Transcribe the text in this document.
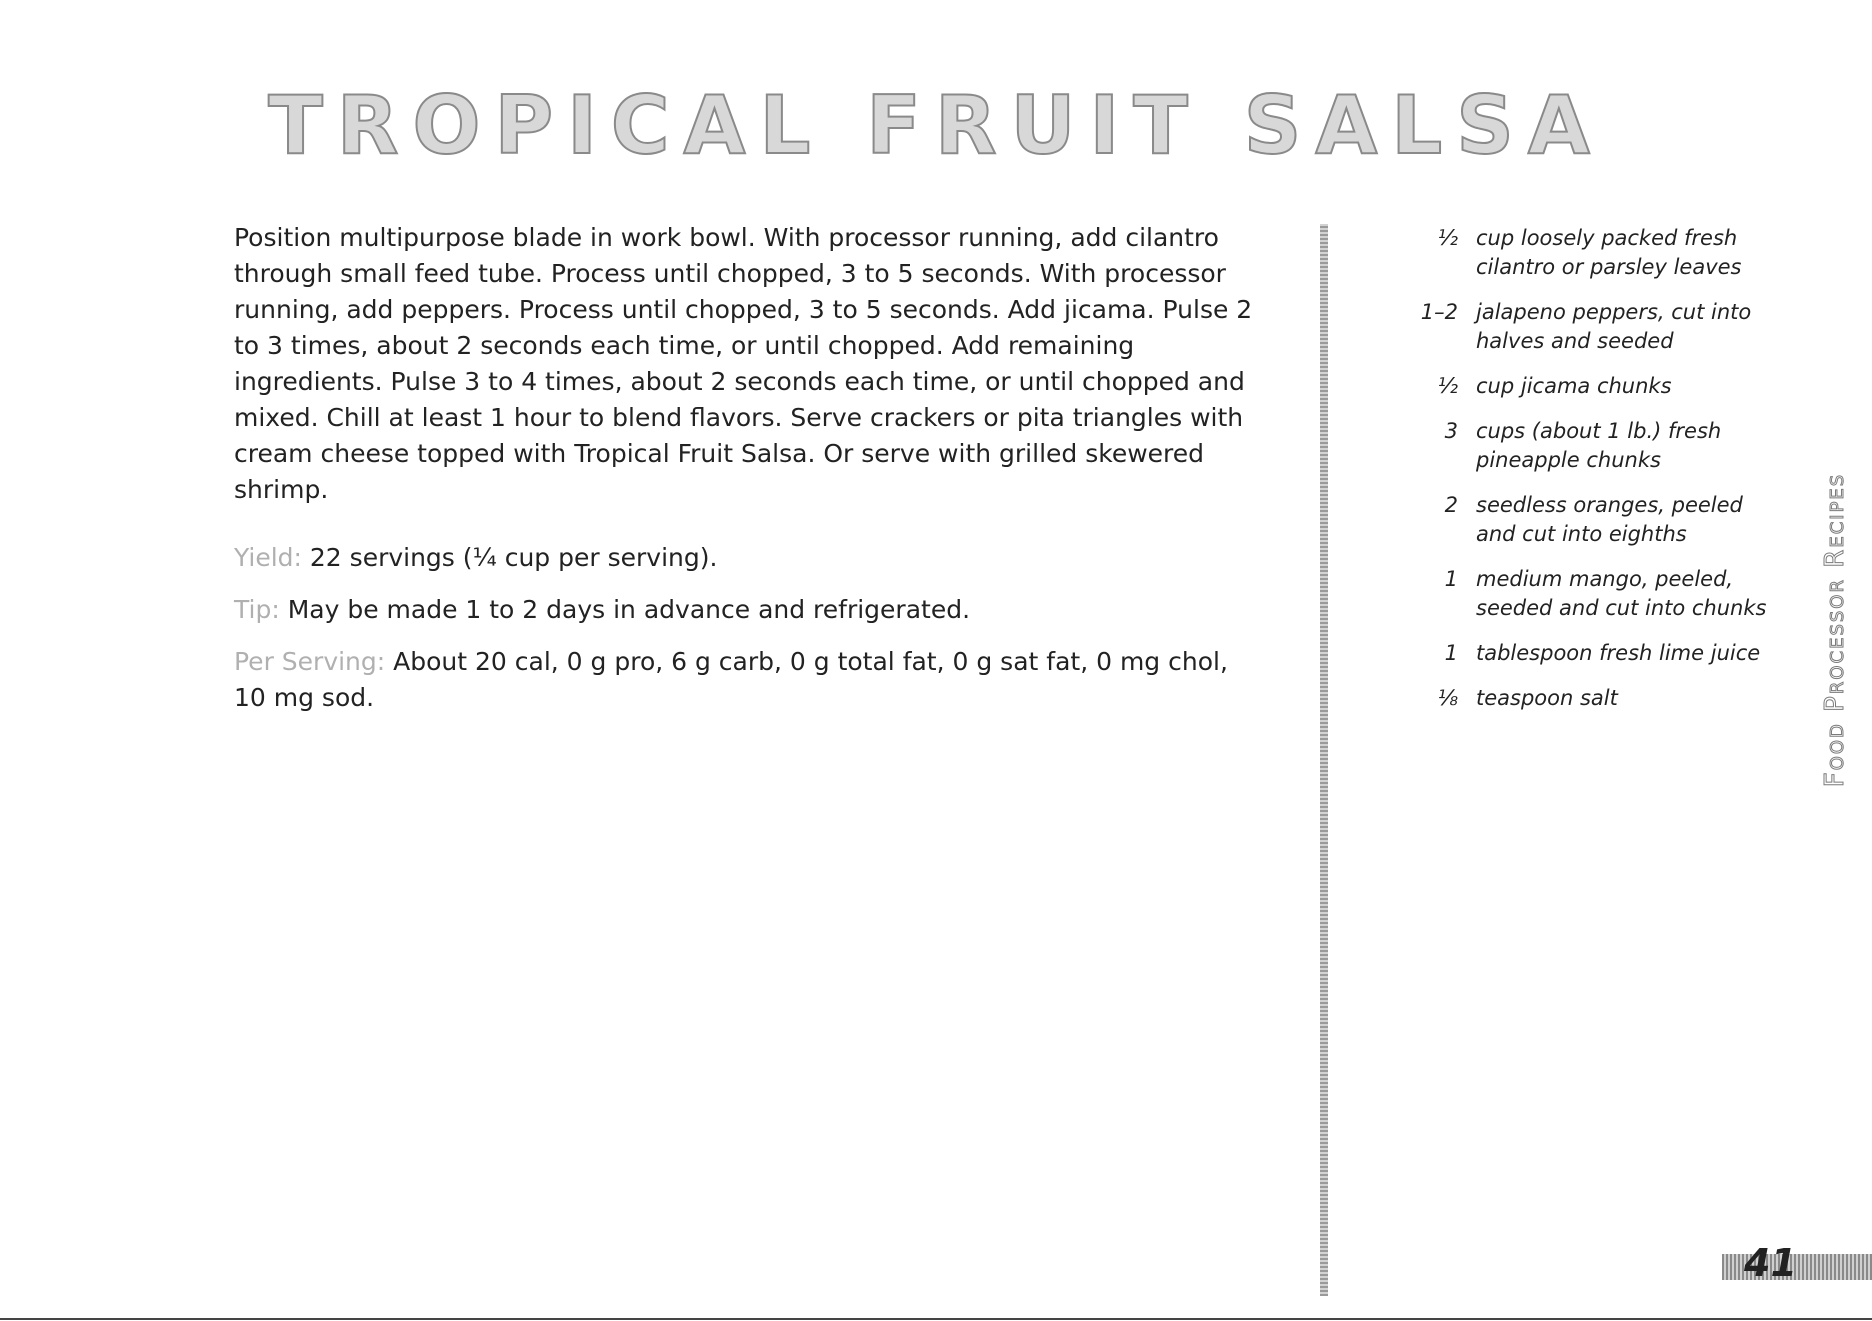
TROPICAL FRUIT SALSA

Position multipurpose blade in work bowl. With processor running, add cilantro through small feed tube. Process until chopped, 3 to 5 seconds. With processor running, add peppers. Process until chopped, 3 to 5 seconds. Add jicama. Pulse 2 to 3 times, about 2 seconds each time, or until chopped. Add remaining ingredients. Pulse 3 to 4 times, about 2 seconds each time, or until chopped and mixed. Chill at least 1 hour to blend flavors. Serve crackers or pita triangles with cream cheese topped with Tropical Fruit Salsa. Or serve with grilled skewered shrimp.

Yield: 22 servings (¼ cup per serving).

Tip: May be made 1 to 2 days in advance and refrigerated.

Per Serving: About 20 cal, 0 g pro, 6 g carb, 0 g total fat, 0 g sat fat, 0 mg chol, 10 mg sod.

½ cup loosely packed fresh cilantro or parsley leaves
1–2 jalapeno peppers, cut into halves and seeded
½ cup jicama chunks
3 cups (about 1 lb.) fresh pineapple chunks
2 seedless oranges, peeled and cut into eighths
1 medium mango, peeled, seeded and cut into chunks
1 tablespoon fresh lime juice
⅛ teaspoon salt	Food Processor Recipes
41
